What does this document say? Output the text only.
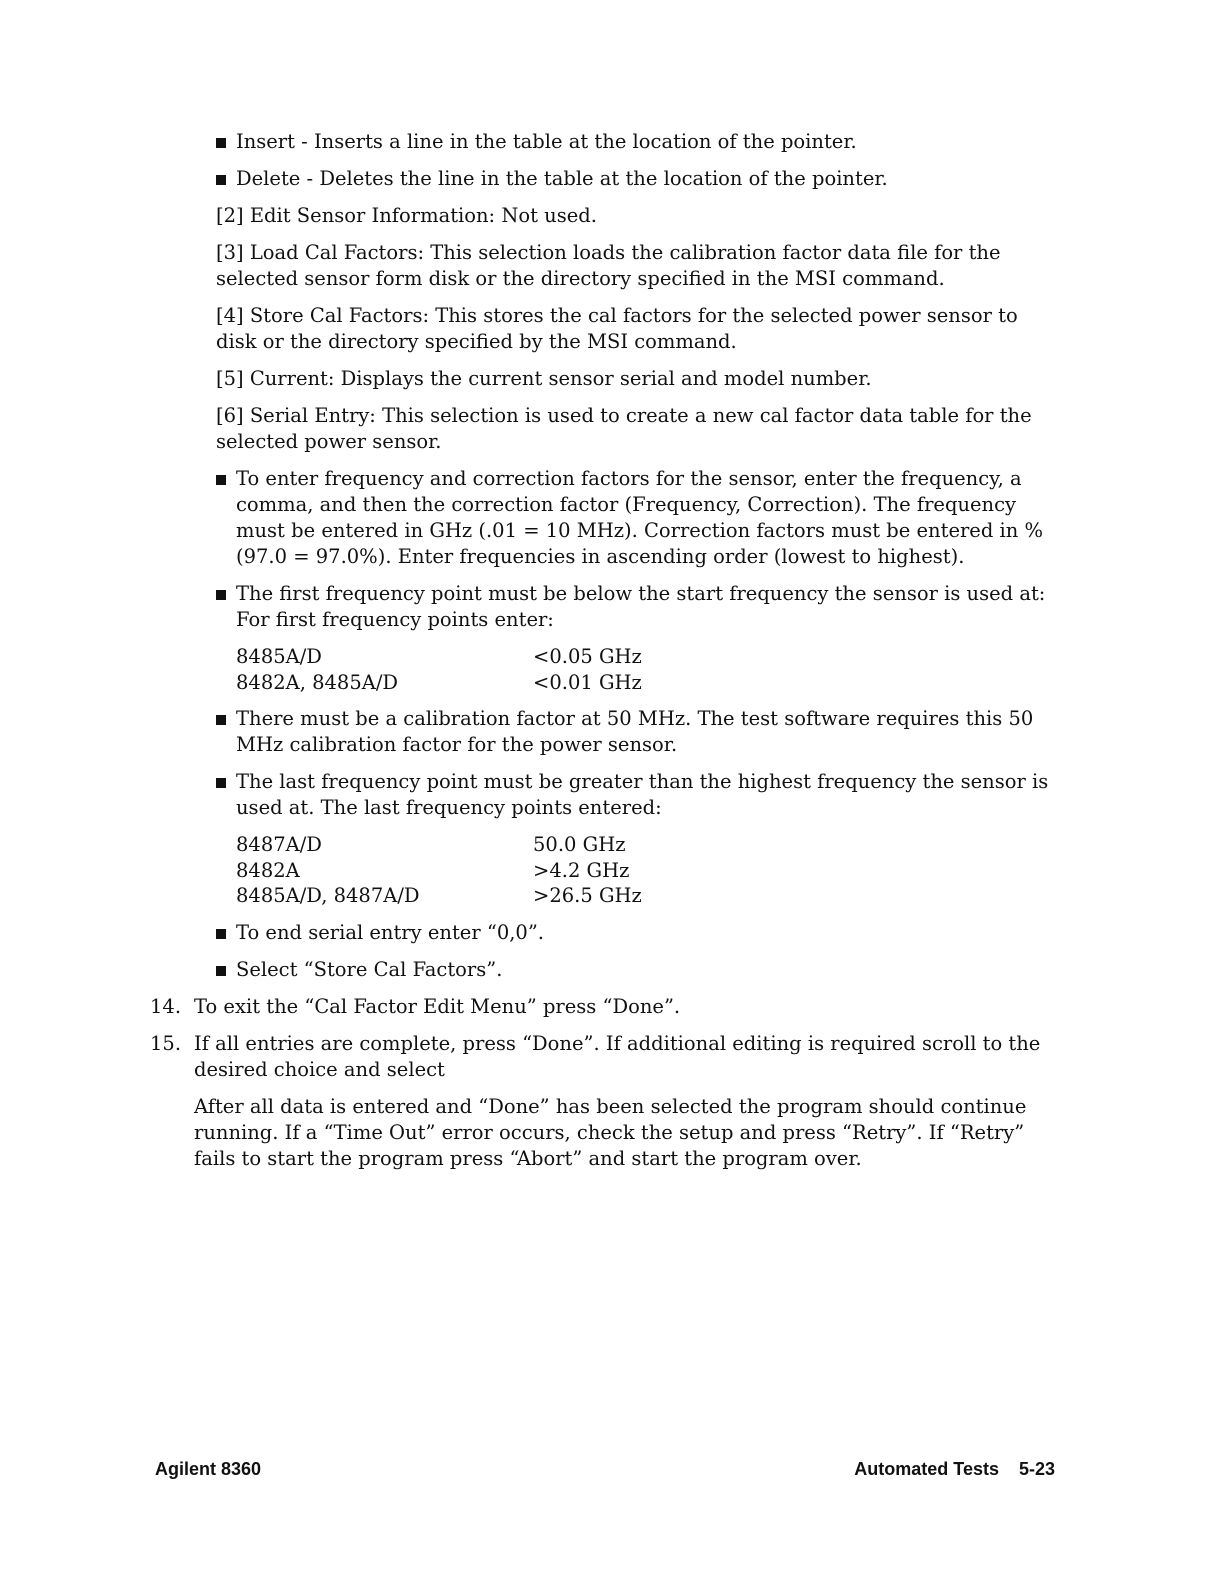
Insert - Inserts a line in the table at the location of the pointer.
Delete - Deletes the line in the table at the location of the pointer.

[2] Edit Sensor Information: Not used.

[3] Load Cal Factors: This selection loads the calibration factor data file for the selected sensor form disk or the directory specified in the MSI command.

[4] Store Cal Factors: This stores the cal factors for the selected power sensor to disk or the directory specified by the MSI command.

[5] Current: Displays the current sensor serial and model number.

[6] Serial Entry: This selection is used to create a new cal factor data table for the selected power sensor.

To enter frequency and correction factors for the sensor, enter the frequency, a comma, and then the correction factor (Frequency, Correction). The frequency must be entered in GHz (.01 = 10 MHz). Correction factors must be entered in % (97.0 = 97.0%). Enter frequencies in ascending order (lowest to highest).
The first frequency point must be below the start frequency the sensor is used at: For first frequency points enter:
8485A/D	<0.05 GHz
8482A, 8485A/D	<0.01 GHz
There must be a calibration factor at 50 MHz. The test software requires this 50 MHz calibration factor for the power sensor.
The last frequency point must be greater than the highest frequency the sensor is used at. The last frequency points entered:
8487A/D	50.0 GHz
8482A	>4.2 GHz
8485A/D, 8487A/D	>26.5 GHz
To end serial entry enter “0,0”.
Select “Store Cal Factors”.
14. To exit the “Cal Factor Edit Menu” press “Done”.
15. If all entries are complete, press “Done”. If additional editing is required scroll to the desired choice and select

After all data is entered and “Done” has been selected the program should continue running. If a “Time Out” error occurs, check the setup and press “Retry”. If “Retry” fails to start the program press “Abort” and start the program over.

Agilent 8360	Automated Tests 5-23
